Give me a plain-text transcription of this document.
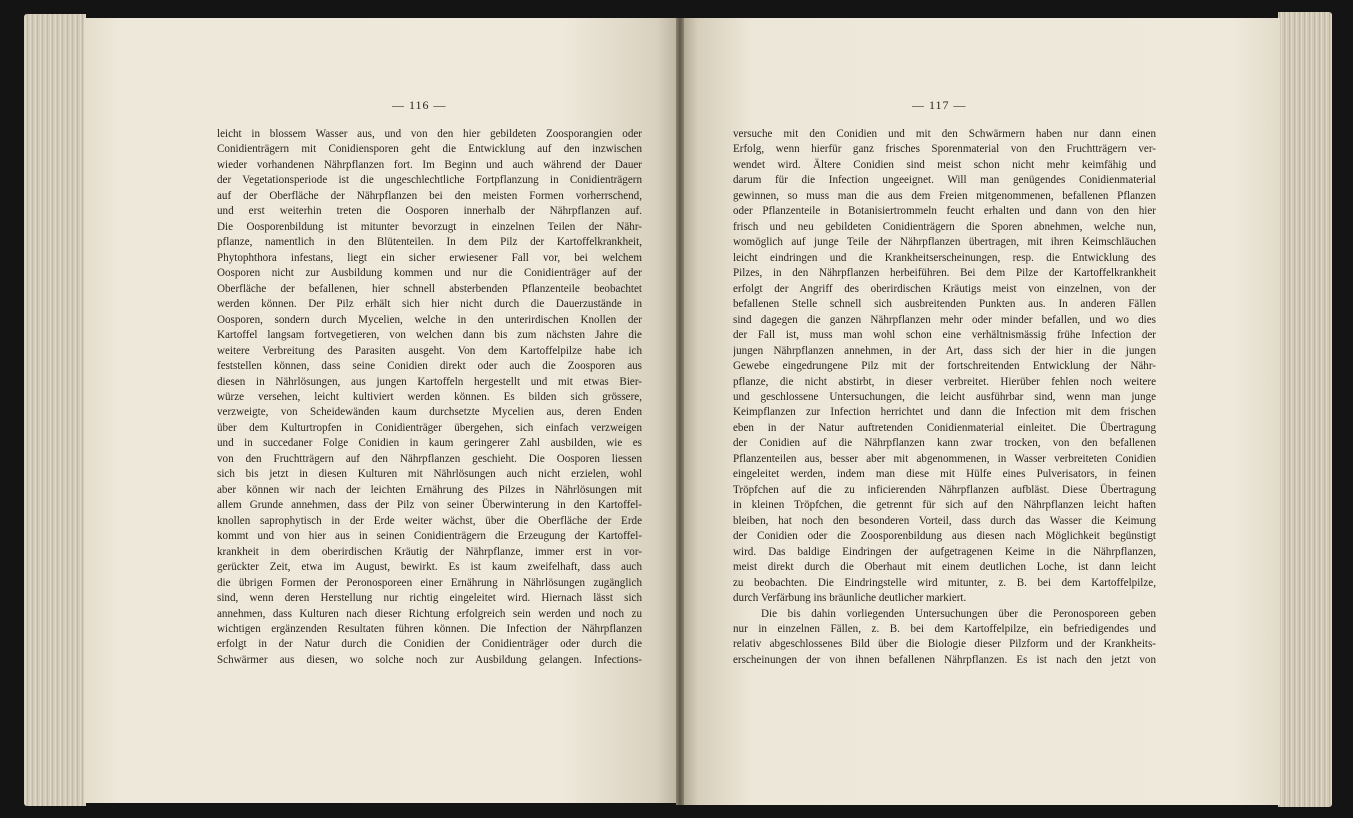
— 116 —	— 117 —
leicht in blossem Wasser aus, und von den hier gebildeten Zoosporangien oder
Conidienträgern mit Conidiensporen geht die Entwicklung auf den inzwischen
wieder vorhandenen Nährpflanzen fort. Im Beginn und auch während der Dauer
der Vegetationsperiode ist die ungeschlechtliche Fortpflanzung in Conidienträgern
auf der Oberfläche der Nährpflanzen bei den meisten Formen vorherrschend,
und erst weiterhin treten die Oosporen innerhalb der Nährpflanzen auf.
Die Oosporenbildung ist mitunter bevorzugt in einzelnen Teilen der Nähr-
pflanze, namentlich in den Blütenteilen. In dem Pilz der Kartoffelkrankheit,
Phytophthora infestans, liegt ein sicher erwiesener Fall vor, bei welchem
Oosporen nicht zur Ausbildung kommen und nur die Conidienträger auf der
Oberfläche der befallenen, hier schnell absterbenden Pflanzenteile beobachtet
werden können. Der Pilz erhält sich hier nicht durch die Dauerzustände in
Oosporen, sondern durch Mycelien, welche in den unterirdischen Knollen der
Kartoffel langsam fortvegetieren, von welchen dann bis zum nächsten Jahre die
weitere Verbreitung des Parasiten ausgeht. Von dem Kartoffelpilze habe ich
feststellen können, dass seine Conidien direkt oder auch die Zoosporen aus
diesen in Nährlösungen, aus jungen Kartoffeln hergestellt und mit etwas Bier-
würze versehen, leicht kultiviert werden können. Es bilden sich grössere,
verzweigte, von Scheidewänden kaum durchsetzte Mycelien aus, deren Enden
über dem Kulturtropfen in Conidienträger übergehen, sich einfach verzweigen
und in succedaner Folge Conidien in kaum geringerer Zahl ausbilden, wie es
von den Fruchtträgern auf den Nährpflanzen geschieht. Die Oosporen liessen
sich bis jetzt in diesen Kulturen mit Nährlösungen auch nicht erzielen, wohl
aber können wir nach der leichten Ernährung des Pilzes in Nährlösungen mit
allem Grunde annehmen, dass der Pilz von seiner Überwinterung in den Kartoffel-
knollen saprophytisch in der Erde weiter wächst, über die Oberfläche der Erde
kommt und von hier aus in seinen Conidienträgern die Erzeugung der Kartoffel-
krankheit in dem oberirdischen Kräutig der Nährpflanze, immer erst in vor-
gerückter Zeit, etwa im August, bewirkt. Es ist kaum zweifelhaft, dass auch
die übrigen Formen der Peronosporeen einer Ernährung in Nährlösungen zugänglich
sind, wenn deren Herstellung nur richtig eingeleitet wird. Hiernach lässt sich
annehmen, dass Kulturen nach dieser Richtung erfolgreich sein werden und noch zu
wichtigen ergänzenden Resultaten führen können. Die Infection der Nährpflanzen
erfolgt in der Natur durch die Conidien der Conidienträger oder durch die
Schwärmer aus diesen, wo solche noch zur Ausbildung gelangen. Infections-
versuche mit den Conidien und mit den Schwärmern haben nur dann einen
Erfolg, wenn hierfür ganz frisches Sporenmaterial von den Fruchtträgern ver-
wendet wird. Ältere Conidien sind meist schon nicht mehr keimfähig und
darum für die Infection ungeeignet. Will man genügendes Conidienmaterial
gewinnen, so muss man die aus dem Freien mitgenommenen, befallenen Pflanzen
oder Pflanzenteile in Botanisiertrommeln feucht erhalten und dann von den hier
frisch und neu gebildeten Conidienträgern die Sporen abnehmen, welche nun,
womöglich auf junge Teile der Nährpflanzen übertragen, mit ihren Keimschläuchen
leicht eindringen und die Krankheitserscheinungen, resp. die Entwicklung des
Pilzes, in den Nährpflanzen herbeiführen. Bei dem Pilze der Kartoffelkrankheit
erfolgt der Angriff des oberirdischen Kräutigs meist von einzelnen, von der
befallenen Stelle schnell sich ausbreitenden Punkten aus. In anderen Fällen
sind dagegen die ganzen Nährpflanzen mehr oder minder befallen, und wo dies
der Fall ist, muss man wohl schon eine verhältnismässig frühe Infection der
jungen Nährpflanzen annehmen, in der Art, dass sich der hier in die jungen
Gewebe eingedrungene Pilz mit der fortschreitenden Entwicklung der Nähr-
pflanze, die nicht abstirbt, in dieser verbreitet. Hierüber fehlen noch weitere
und geschlossene Untersuchungen, die leicht ausführbar sind, wenn man junge
Keimpflanzen zur Infection herrichtet und dann die Infection mit dem frischen
eben in der Natur auftretenden Conidienmaterial einleitet. Die Übertragung
der Conidien auf die Nährpflanzen kann zwar trocken, von den befallenen
Pflanzenteilen aus, besser aber mit abgenommenen, in Wasser verbreiteten Conidien
eingeleitet werden, indem man diese mit Hülfe eines Pulverisators, in feinen
Tröpfchen auf die zu inficierenden Nährpflanzen aufbläst. Diese Übertragung
in kleinen Tröpfchen, die getrennt für sich auf den Nährpflanzen leicht haften
bleiben, hat noch den besonderen Vorteil, dass durch das Wasser die Keimung
der Conidien oder die Zoosporenbildung aus diesen nach Möglichkeit begünstigt
wird. Das baldige Eindringen der aufgetragenen Keime in die Nährpflanzen,
meist direkt durch die Oberhaut mit einem deutlichen Loche, ist dann leicht
zu beobachten. Die Eindringstelle wird mitunter, z. B. bei dem Kartoffelpilze,
durch Verfärbung ins bräunliche deutlicher markiert.
Die bis dahin vorliegenden Untersuchungen über die Peronosporeen geben
nur in einzelnen Fällen, z. B. bei dem Kartoffelpilze, ein befriedigendes und
relativ abgeschlossenes Bild über die Biologie dieser Pilzform und der Krankheits-
erscheinungen der von ihnen befallenen Nährpflanzen. Es ist nach den jetzt von
